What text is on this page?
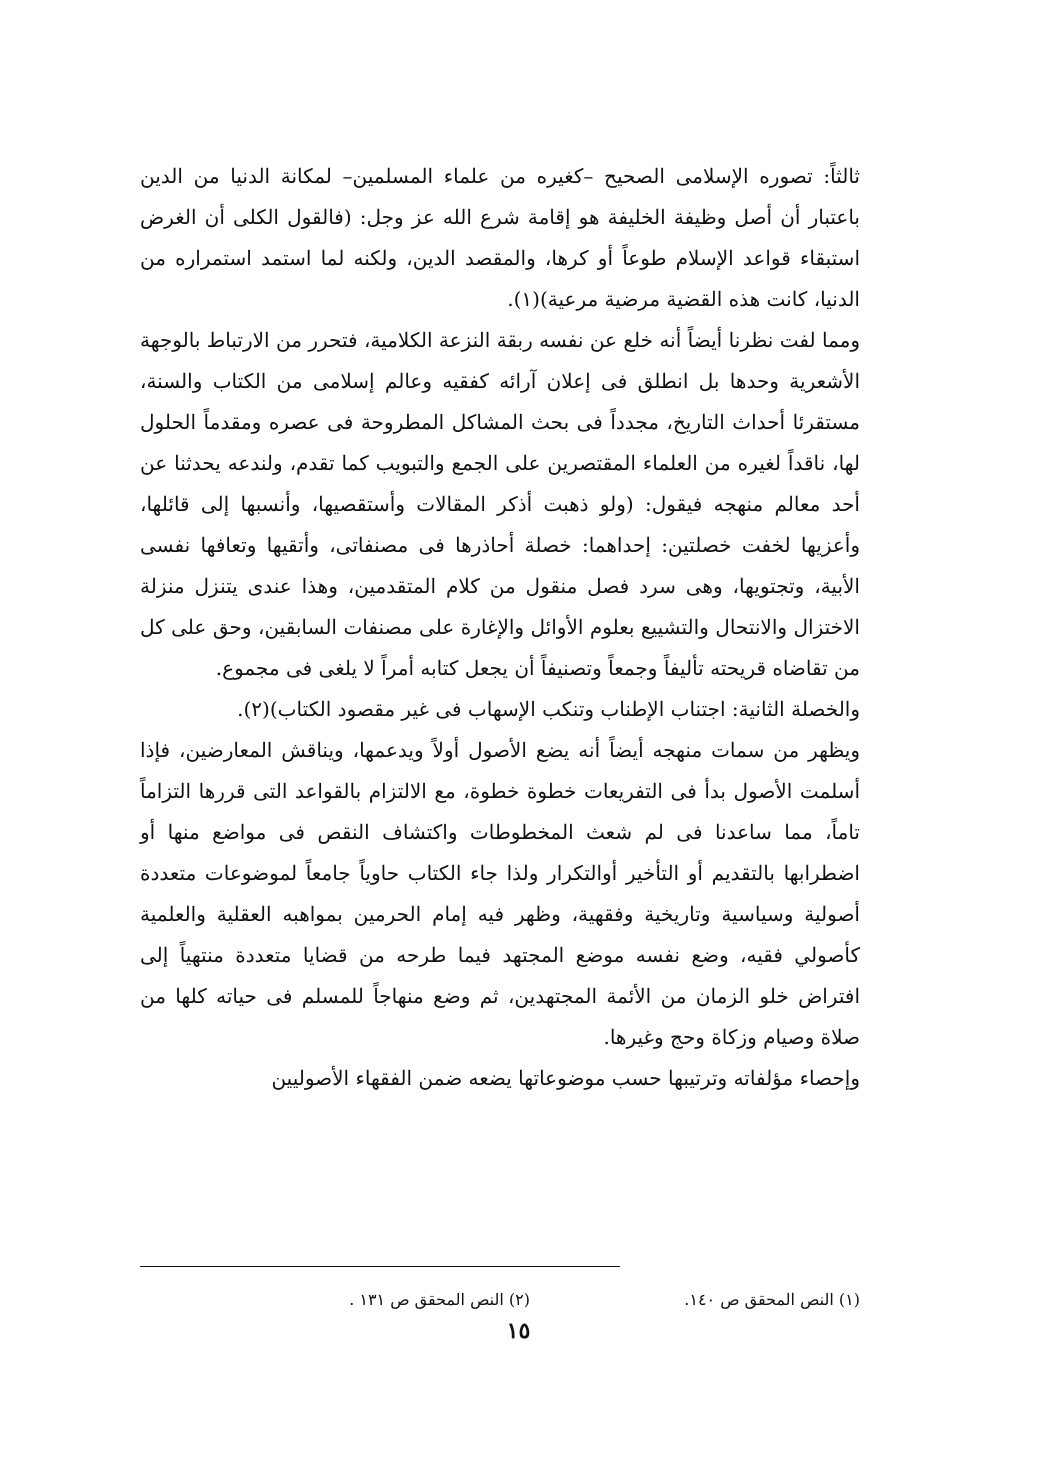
ثالثاً: تصوره الإسلامى الصحيح –كغيره من علماء المسلمين– لمكانة الدنيا من الدين باعتبار أن أصل وظيفة الخليفة هو إقامة شرع الله عز وجل: (فالقول الكلى أن الغرض استبقاء قواعد الإسلام طوعاً أو كرها، والمقصد الدين، ولكنه لما استمد استمراره من الدنيا، كانت هذه القضية مرضية مرعية)(١).

ومما لفت نظرنا أيضاً أنه خلع عن نفسه ربقة النزعة الكلامية، فتحرر من الارتباط بالوجهة الأشعرية وحدها بل انطلق فى إعلان آرائه كفقيه وعالم إسلامى من الكتاب والسنة، مستقرئا أحداث التاريخ، مجدداً فى بحث المشاكل المطروحة فى عصره ومقدماً الحلول لها، ناقداً لغيره من العلماء المقتصرين على الجمع والتبويب كما تقدم، ولندعه يحدثنا عن أحد معالم منهجه فيقول: (ولو ذهبت أذكر المقالات وأستقصيها، وأنسبها إلى قائلها، وأعزيها لخفت خصلتين: إحداهما: خصلة أحاذرها فى مصنفاتى، وأتقيها وتعافها نفسى الأبية، وتجتويها، وهى سرد فصل منقول من كلام المتقدمين، وهذا عندى يتنزل منزلة الاختزال والانتحال والتشييع بعلوم الأوائل والإغارة على مصنفات السابقين، وحق على كل من تقاضاه قريحته تأليفاً وجمعاً وتصنيفاً أن يجعل كتابه أمراً لا يلغى فى مجموع.

والخصلة الثانية: اجتناب الإطناب وتنكب الإسهاب فى غير مقصود الكتاب)(٢).

ويظهر من سمات منهجه أيضاً أنه يضع الأصول أولاً ويدعمها، ويناقش المعارضين، فإذا أسلمت الأصول بدأ فى التفريعات خطوة خطوة، مع الالتزام بالقواعد التى قررها التزاماً تاماً، مما ساعدنا فى لم شعث المخطوطات واكتشاف النقص فى مواضع منها أو اضطرابها بالتقديم أو التأخير أوالتكرار ولذا جاء الكتاب حاوياً جامعاً لموضوعات متعددة أصولية وسياسية وتاريخية وفقهية، وظهر فيه إمام الحرمين بمواهبه العقلية والعلمية كأصولي فقيه، وضع نفسه موضع المجتهد فيما طرحه من قضايا متعددة منتهياً إلى افتراض خلو الزمان من الأئمة المجتهدين، ثم وضع منهاجاً للمسلم فى حياته كلها من صلاة وصيام وزكاة وحج وغيرها.

وإحصاء مؤلفاته وترتيبها حسب موضوعاتها يضعه ضمن الفقهاء الأصوليين

(١) النص المحقق ص ١٤٠.
(٢) النص المحقق ص ١٣١ .
١٥
